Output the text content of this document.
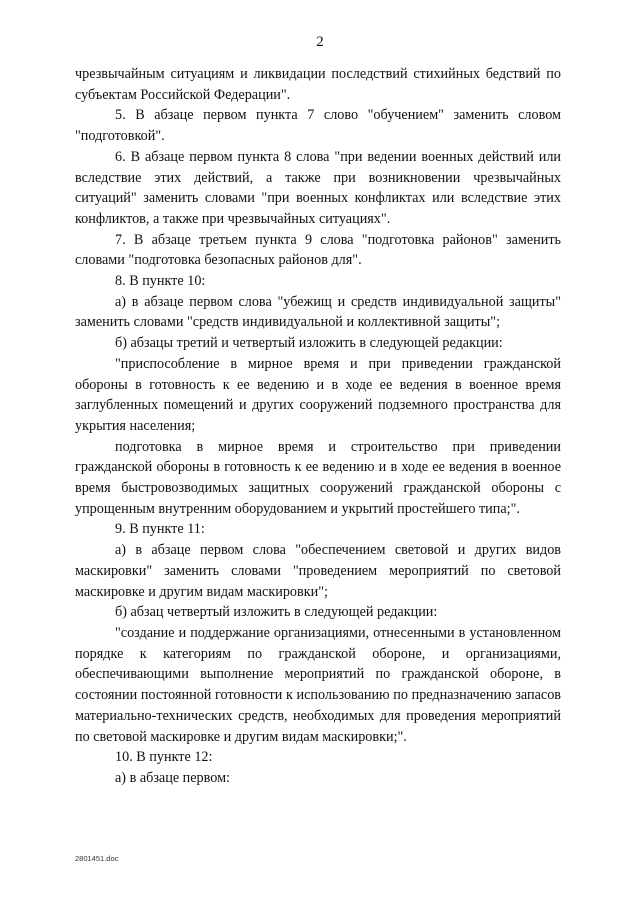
2

чрезвычайным ситуациям и ликвидации последствий стихийных бедствий по субъектам Российской Федерации".

5. В абзаце первом пункта 7 слово "обучением" заменить словом "подготовкой".

6. В абзаце первом пункта 8 слова "при ведении военных действий или вследствие этих действий, а также при возникновении чрезвычайных ситуаций" заменить словами "при военных конфликтах или вследствие этих конфликтов, а также при чрезвычайных ситуациях".

7. В абзаце третьем пункта 9 слова "подготовка районов" заменить словами "подготовка безопасных районов для".

8. В пункте 10:

а) в абзаце первом слова "убежищ и средств индивидуальной защиты" заменить словами "средств индивидуальной и коллективной защиты";

б) абзацы третий и четвертый изложить в следующей редакции:

"приспособление в мирное время и при приведении гражданской обороны в готовность к ее ведению и в ходе ее ведения в военное время заглубленных помещений и других сооружений подземного пространства для укрытия населения;

подготовка в мирное время и строительство при приведении гражданской обороны в готовность к ее ведению и в ходе ее ведения в военное время быстровозводимых защитных сооружений гражданской обороны с упрощенным внутренним оборудованием и укрытий простейшего типа;".

9. В пункте 11:

а) в абзаце первом слова "обеспечением световой и других видов маскировки" заменить словами "проведением мероприятий по световой маскировке и другим видам маскировки";

б) абзац четвертый изложить в следующей редакции:

"создание и поддержание организациями, отнесенными в установленном порядке к категориям по гражданской обороне, и организациями, обеспечивающими выполнение мероприятий по гражданской обороне, в состоянии постоянной готовности к использованию по предназначению запасов материально-технических средств, необходимых для проведения мероприятий по световой маскировке и другим видам маскировки;".

10. В пункте 12:

а) в абзаце первом:

2801451.doc
